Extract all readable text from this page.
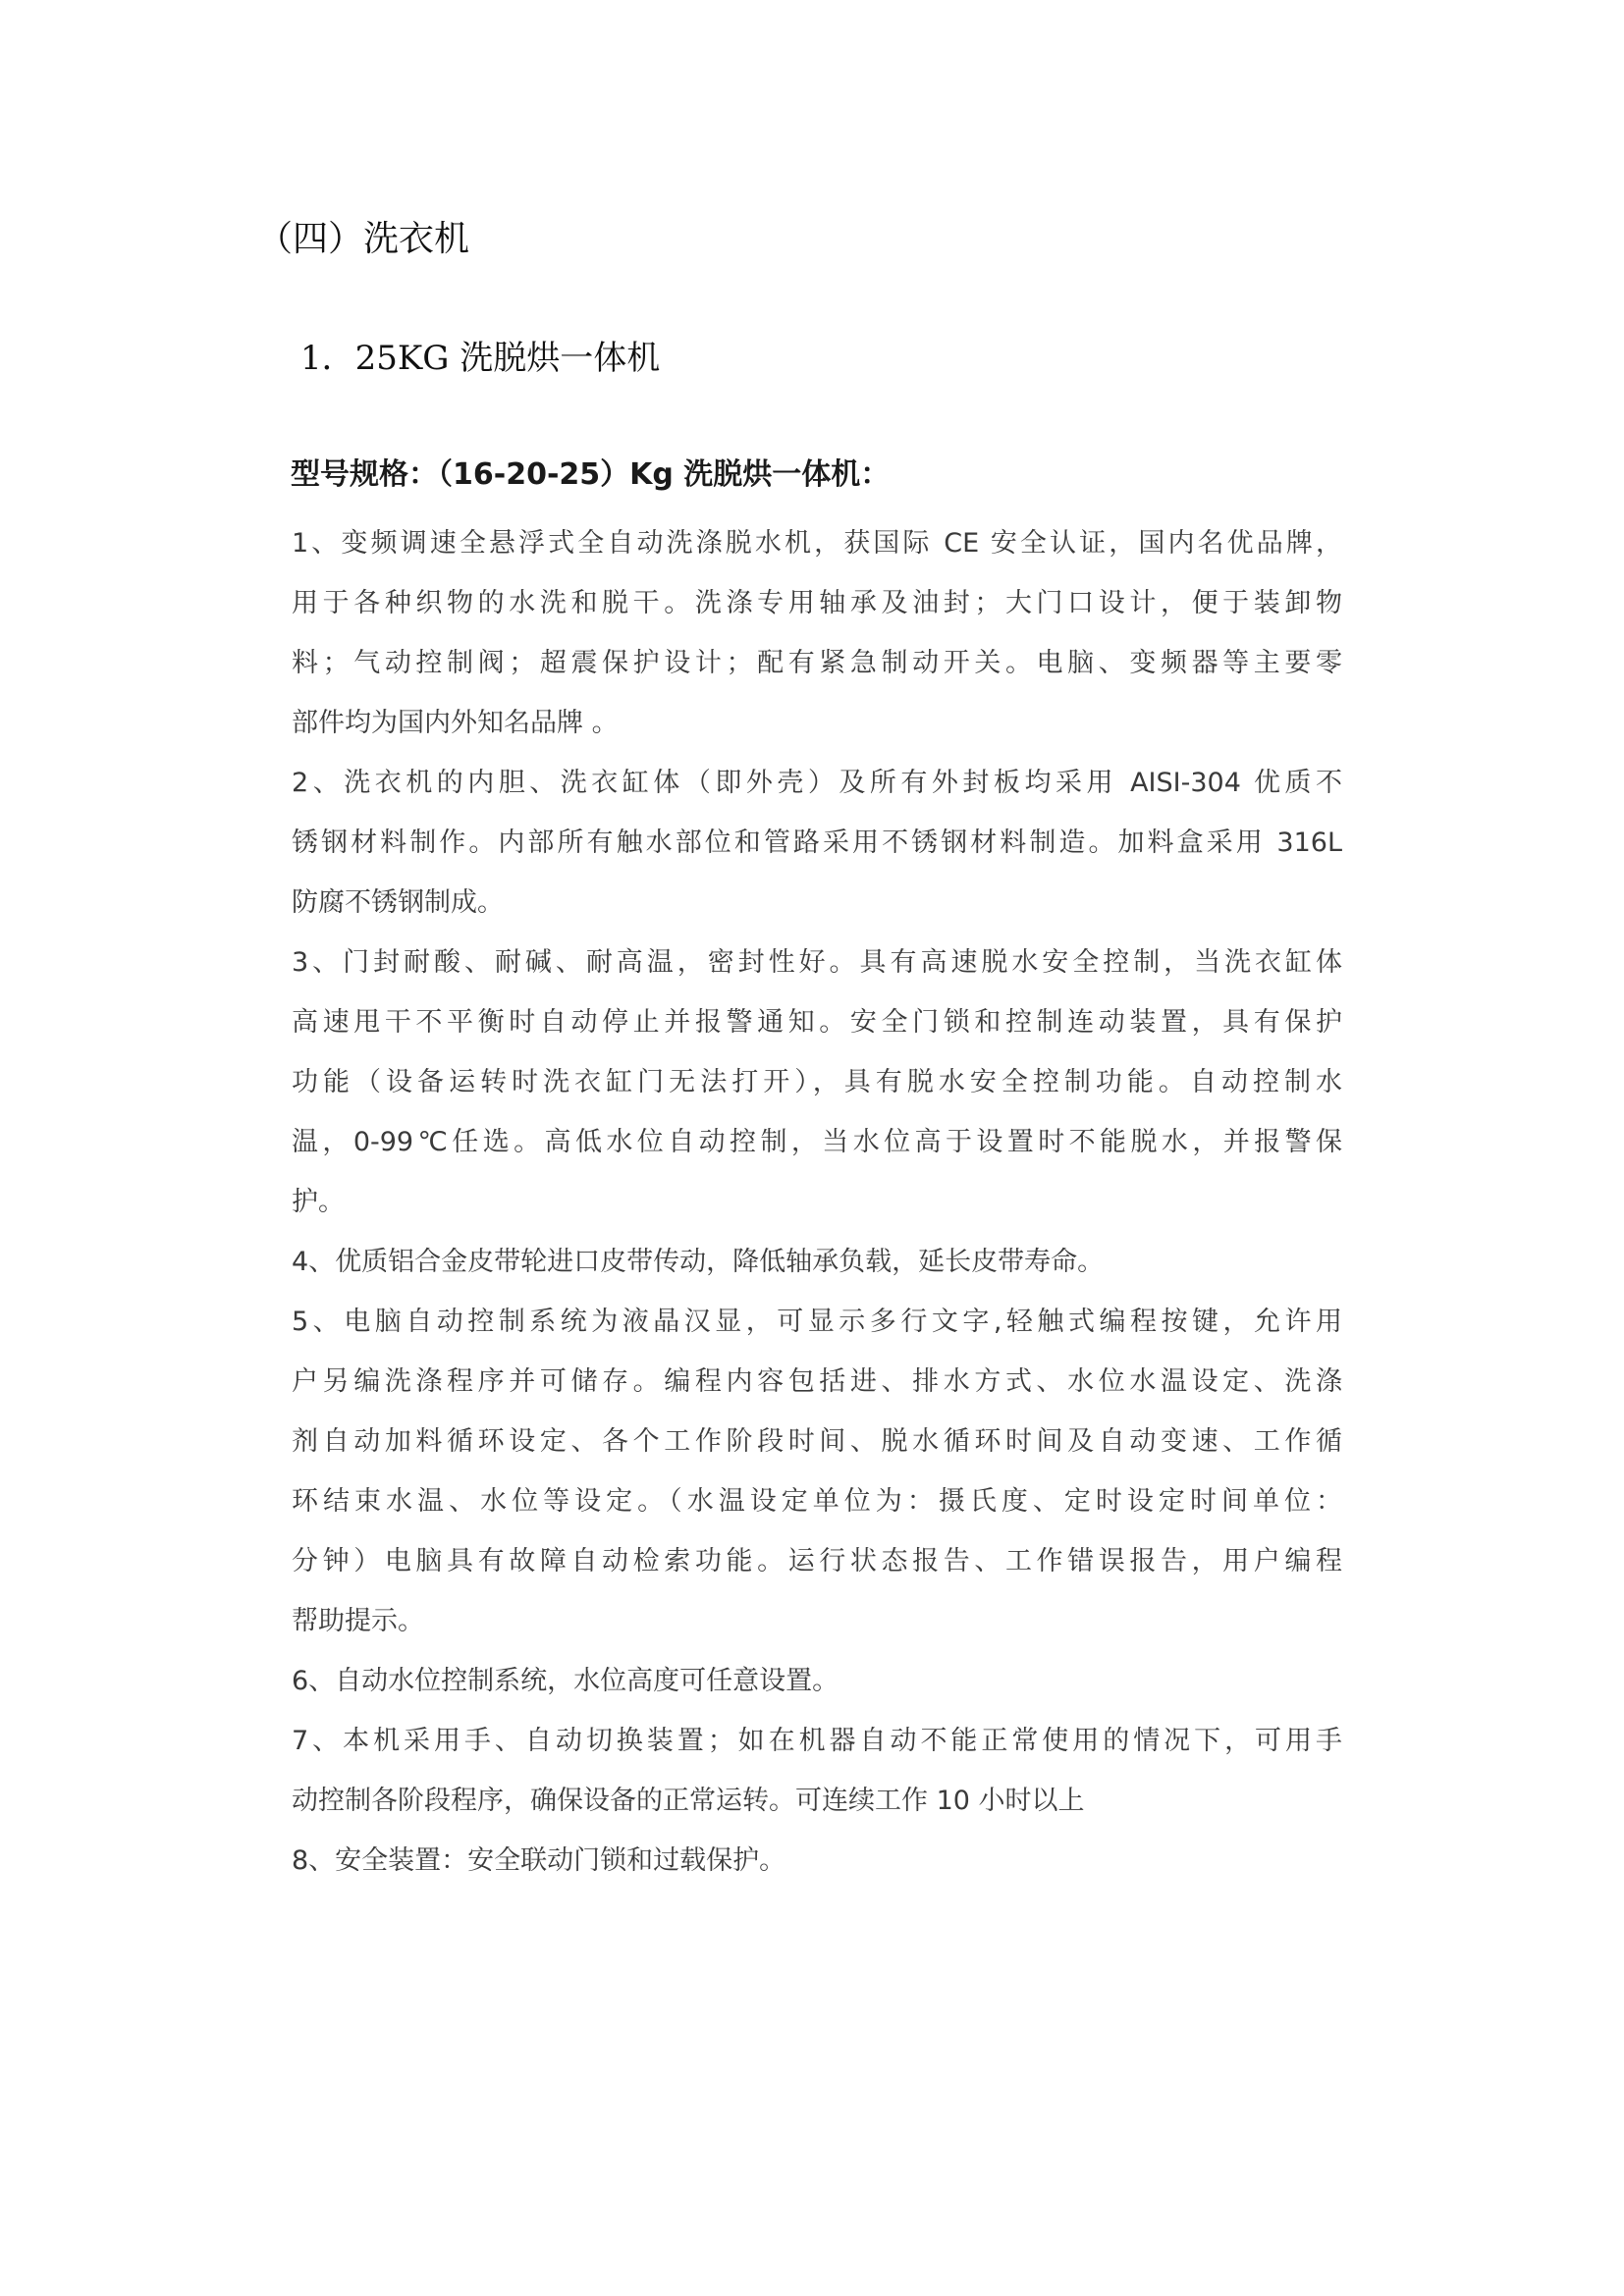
（四）洗衣机
1．25KG 洗脱烘一体机
型号规格：（16-20-25）Kg 洗脱烘一体机：
1、变频调速全悬浮式全自动洗涤脱水机，获国际 CE 安全认证，国内名优品牌，
用于各种织物的水洗和脱干。洗涤专用轴承及油封；大门口设计，便于装卸物
料；气动控制阀；超震保护设计；配有紧急制动开关。电脑、变频器等主要零
部件均为国内外知名品牌 。
2、洗衣机的内胆、洗衣缸体（即外壳）及所有外封板均采用 AISI-304 优质不
锈钢材料制作。内部所有触水部位和管路采用不锈钢材料制造。加料盒采用 316L
防腐不锈钢制成。
3、门封耐酸、耐碱、耐高温，密封性好。具有高速脱水安全控制，当洗衣缸体
高速甩干不平衡时自动停止并报警通知。安全门锁和控制连动装置，具有保护
功能（设备运转时洗衣缸门无法打开），具有脱水安全控制功能。自动控制水
温，0-99℃任选。高低水位自动控制，当水位高于设置时不能脱水，并报警保
护。
4、优质铝合金皮带轮进口皮带传动，降低轴承负载，延长皮带寿命。
5、电脑自动控制系统为液晶汉显，可显示多行文字,轻触式编程按键，允许用
户另编洗涤程序并可储存。编程内容包括进、排水方式、水位水温设定、洗涤
剂自动加料循环设定、各个工作阶段时间、脱水循环时间及自动变速、工作循
环结束水温、水位等设定。（水温设定单位为：摄氏度、定时设定时间单位：
分钟）电脑具有故障自动检索功能。运行状态报告、工作错误报告，用户编程
帮助提示。
6、自动水位控制系统，水位高度可任意设置。
7、本机采用手、自动切换装置；如在机器自动不能正常使用的情况下，可用手
动控制各阶段程序，确保设备的正常运转。可连续工作 10 小时以上
8、安全装置：安全联动门锁和过载保护。
